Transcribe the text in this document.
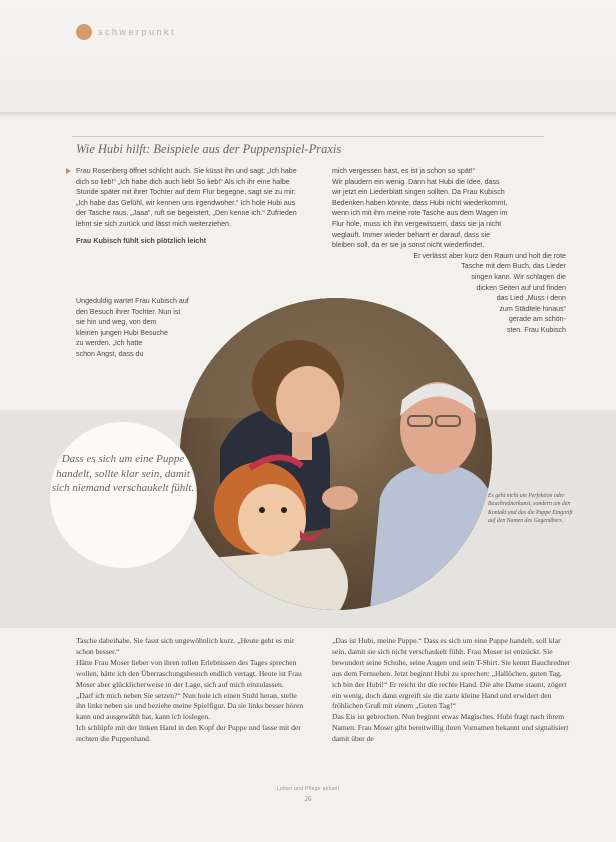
schwerpunkt
Wie Hubi hilft: Beispiele aus der Puppenspiel-Praxis

Frau Rosenberg öffnet schlicht auch. Sie küsst ihn und sagt: „Ich habe dich so lieb!“ „Ich habe dich auch lieb! So lieb!“ Als ich ihr eine halbe Stunde später mit ihrer Tochter auf dem Flur begegne, sagt sie zu mir: „Ich habe das Gefühl, wir kennen uns irgendwoher.“ Ich hole Hubi aus der Tasche raus. „Jaaa“, ruft sie begeistert, „Den kenne ich.“ Zufrieden lehnt sie sich zurück und lässt mich weiterziehen.

Frau Kubisch fühlt sich plötzlich leicht

Ungeduldig wartet Frau Kubisch auf
den Besuch ihrer Tochter. Nun ist
sie hin und weg, von dem
kleinen jungen Hubi Besuche
zu werden. „Ich hatte
schon Angst, dass du
mich vergessen hast, es ist ja schon so spät!“
Wir plaudern ein wenig. Dann hat Hubi die Idee, dass
wir jetzt ein Liederblatt singen sollten. Da Frau Kubisch
Bedenken haben könnte, dass Hubi nicht wiederkommt,
wenn ich mit ihm meine rote Tasche aus dem Wagen im
Flur hole, muss ich ihn vergewissern, dass sie ja nicht
weglauft. Immer wieder beharrt er darauf, dass sie
bleiben soll, da er sie ja sonst nicht wiederfindet.
Er verlässt aber kurz den Raum und holt die rote
Tasche mit dem Buch, das Lieder
singen kann. Wir schlagen die
dicken Seiten auf und finden
das Lied „Muss i denn
zum Städtele hinaus“
gerade am schön-
sten. Frau Kubisch
Dass es sich um eine Puppe handelt, sollte klar sein, damit sich niemand verschaukelt fühlt.
Es geht nicht um Perfektion oder Bauchrednerkunst, sondern um den Kontakt und das die Puppe Eingreift auf den Namen des Gegenübers.

Tasche dabeihabe. Sie fasst sich ungewöhnlich kurz. „Heute geht es mir schon besser.“

Hätte Frau Moser lieber von ihren tollen Erlebnissen des Tages sprechen wollen, hätte ich den Überraschungsbesuch endlich vertagt. Heute ist Frau Moser aber glücklicherweise in der Lage, sich auf mich einzulassen.

„Darf ich mich neben Sie setzen?“ Nun hole ich einen Stuhl heran, stelle ihn links neben sie und beziehe meine Spielfigur. Da sie links besser hören kann und ausgewählt hat, kann ich loslegen.

Ich schlüpfe mit der linken Hand in den Kopf der Puppe und fasse mit der rechten die Puppenhand.

„Das ist Hubi, meine Puppe.“ Dass es sich um eine Puppe handelt, soll klar sein, damit sie sich nicht verschaukelt fühlt. Frau Moser ist entzückt. Sie bewundert seine Schuhe, seine Augen und sein T-Shirt. Sie kennt Bauchredner aus dem Fernsehen. Jetzt beginnt Hubi zu sprechen: „Hallöchen, guten Tag, ich bin der Hubi!“ Er reicht ihr die rechte Hand. Die alte Dame staunt, zögert ein wenig, doch dann ergreift sie die zarte kleine Hand und erwidert den fröhlichen Gruß mit einem „Guten Tag!“

Das Eis ist gebrochen. Nun beginnt etwas Magisches. Hubi fragt nach ihrem Namen. Frau Moser gibt bereitwillig ihren Vornamen bekannt und signalisiert damit über de

Leben und Pflege aktuell
26
